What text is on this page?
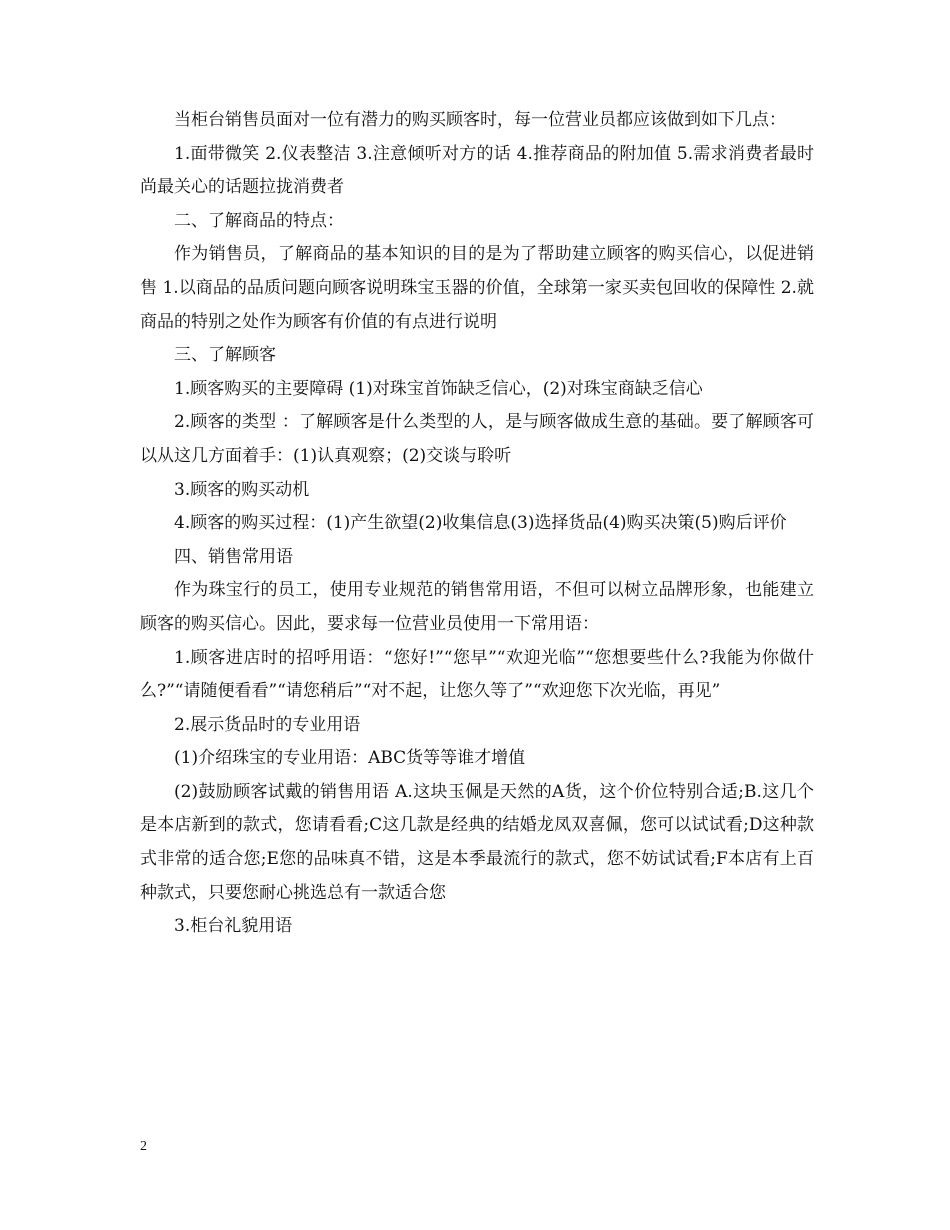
当柜台销售员面对一位有潜力的购买顾客时，每一位营业员都应该做到如下几点：

1.面带微笑 2.仪表整洁 3.注意倾听对方的话 4.推荐商品的附加值 5.需求消费者最时尚最关心的话题拉拢消费者

二、了解商品的特点：

作为销售员，了解商品的基本知识的目的是为了帮助建立顾客的购买信心，以促进销售 1.以商品的品质问题向顾客说明珠宝玉器的价值，全球第一家买卖包回收的保障性 2.就商品的特别之处作为顾客有价值的有点进行说明

三、了解顾客

1.顾客购买的主要障碍 (1)对珠宝首饰缺乏信心，(2)对珠宝商缺乏信心

2.顾客的类型 ：了解顾客是什么类型的人，是与顾客做成生意的基础。要了解顾客可以从这几方面着手：(1)认真观察；(2)交谈与聆听

3.顾客的购买动机

4.顾客的购买过程：(1)产生欲望(2)收集信息(3)选择货品(4)购买决策(5)购后评价

四、销售常用语

作为珠宝行的员工，使用专业规范的销售常用语，不但可以树立品牌形象，也能建立顾客的购买信心。因此，要求每一位营业员使用一下常用语：

1.顾客进店时的招呼用语：“您好!”“您早”“欢迎光临”“您想要些什么?我能为你做什么?”“请随便看看”“请您稍后”“对不起，让您久等了”“欢迎您下次光临，再见”

2.展示货品时的专业用语

(1)介绍珠宝的专业用语：ABC货等等谁才增值

(2)鼓励顾客试戴的销售用语 A.这块玉佩是天然的A货，这个价位特别合适;B.这几个是本店新到的款式，您请看看;C这几款是经典的结婚龙凤双喜佩，您可以试试看;D这种款式非常的适合您;E您的品味真不错，这是本季最流行的款式，您不妨试试看;F本店有上百种款式，只要您耐心挑选总有一款适合您

3.柜台礼貌用语

2
